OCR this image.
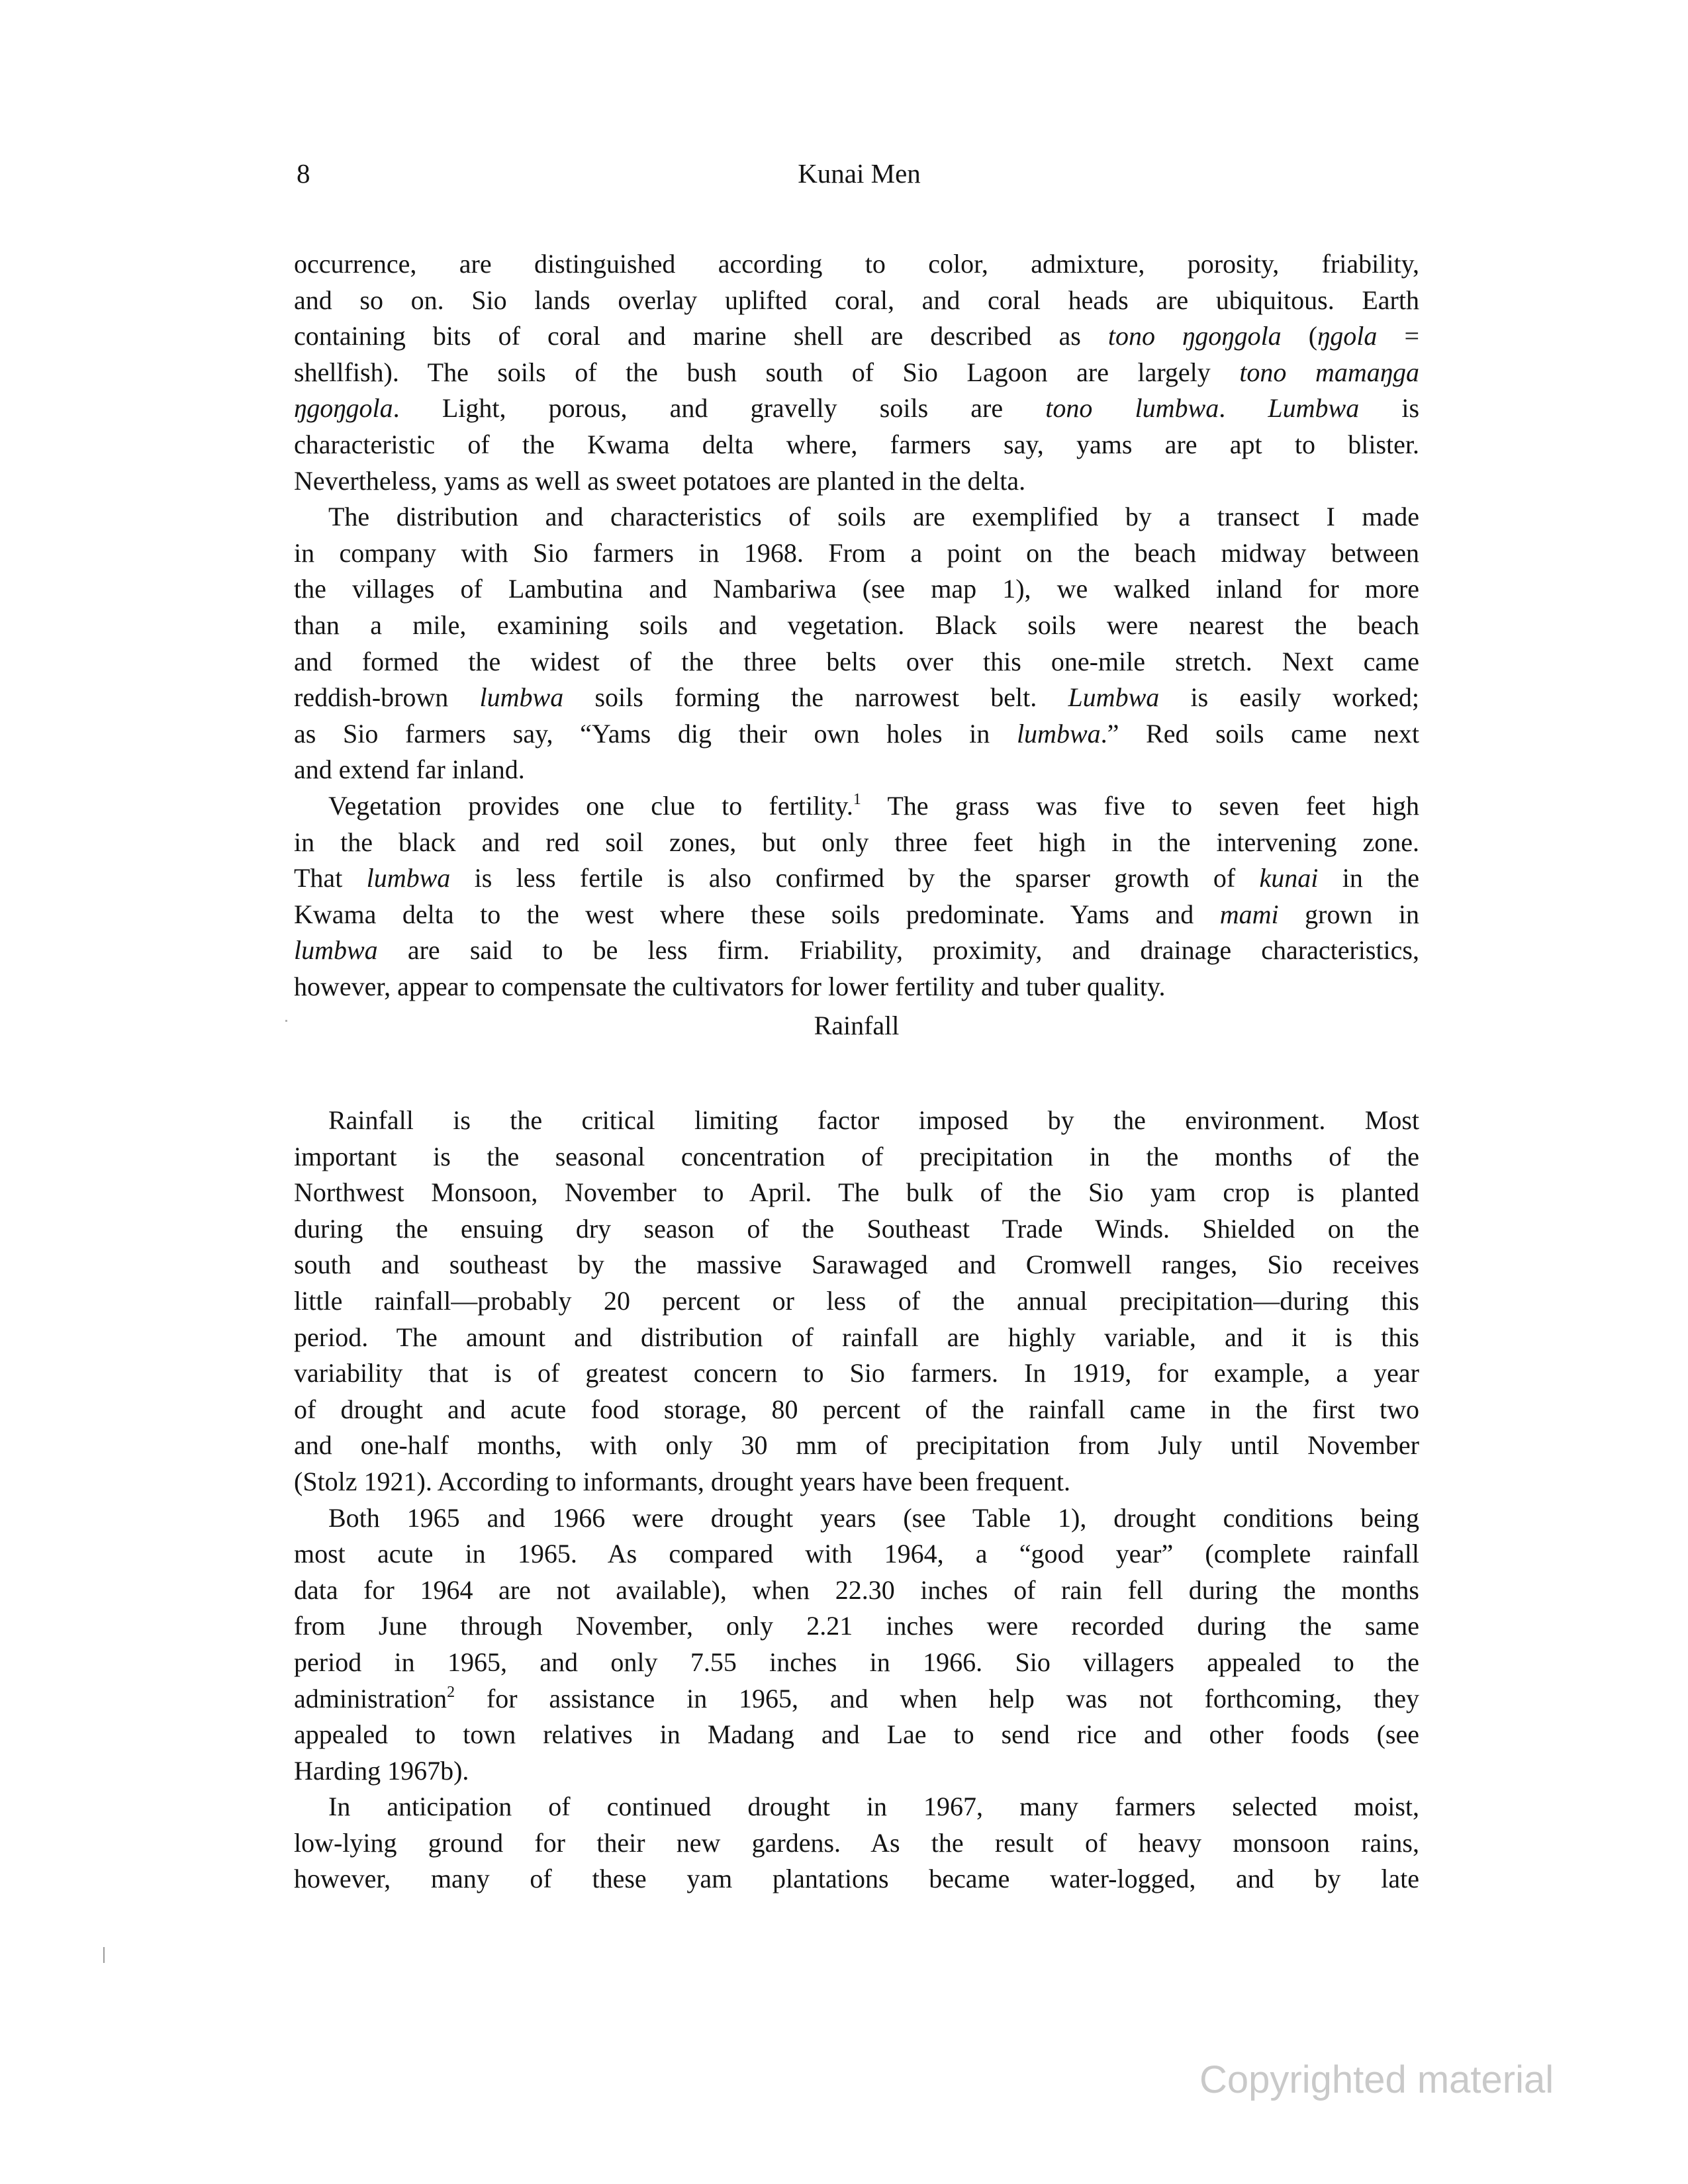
8	Kunai Men
occurrence, are distinguished according to color, admixture, porosity, friability,
and so on. Sio lands overlay uplifted coral, and coral heads are ubiquitous. Earth
containing bits of coral and marine shell are described as tono ŋgoŋgola (ŋgola =
shellfish). The soils of the bush south of Sio Lagoon are largely tono mamaŋga
ŋgoŋgola. Light, porous, and gravelly soils are tono lumbwa. Lumbwa is
characteristic of the Kwama delta where, farmers say, yams are apt to blister.
Nevertheless, yams as well as sweet potatoes are planted in the delta.
The distribution and characteristics of soils are exemplified by a transect I made
in company with Sio farmers in 1968. From a point on the beach midway between
the villages of Lambutina and Nambariwa (see map 1), we walked inland for more
than a mile, examining soils and vegetation. Black soils were nearest the beach
and formed the widest of the three belts over this one-mile stretch. Next came
reddish-brown lumbwa soils forming the narrowest belt. Lumbwa is easily worked;
as Sio farmers say, “Yams dig their own holes in lumbwa.” Red soils came next
and extend far inland.
Vegetation provides one clue to fertility.$^1$ The grass was five to seven feet high
in the black and red soil zones, but only three feet high in the intervening zone.
That lumbwa is less fertile is also confirmed by the sparser growth of kunai in the
Kwama delta to the west where these soils predominate. Yams and mami grown in
lumbwa are said to be less firm. Friability, proximity, and drainage characteristics,
however, appear to compensate the cultivators for lower fertility and tuber quality.
Rainfall
Rainfall is the critical limiting factor imposed by the environment. Most
important is the seasonal concentration of precipitation in the months of the
Northwest Monsoon, November to April. The bulk of the Sio yam crop is planted
during the ensuing dry season of the Southeast Trade Winds. Shielded on the
south and southeast by the massive Sarawaged and Cromwell ranges, Sio receives
little rainfall—probably 20 percent or less of the annual precipitation—during this
period. The amount and distribution of rainfall are highly variable, and it is this
variability that is of greatest concern to Sio farmers. In 1919, for example, a year
of drought and acute food storage, 80 percent of the rainfall came in the first two
and one-half months, with only 30 mm of precipitation from July until November
(Stolz 1921). According to informants, drought years have been frequent.
Both 1965 and 1966 were drought years (see Table 1), drought conditions being
most acute in 1965. As compared with 1964, a “good year” (complete rainfall
data for 1964 are not available), when 22.30 inches of rain fell during the months
from June through November, only 2.21 inches were recorded during the same
period in 1965, and only 7.55 inches in 1966. Sio villagers appealed to the
administration$^2$ for assistance in 1965, and when help was not forthcoming, they
appealed to town relatives in Madang and Lae to send rice and other foods (see
Harding 1967b).
In anticipation of continued drought in 1967, many farmers selected moist,
low-lying ground for their new gardens. As the result of heavy monsoon rains,
however, many of these yam plantations became water-logged, and by late
Copyrighted material
